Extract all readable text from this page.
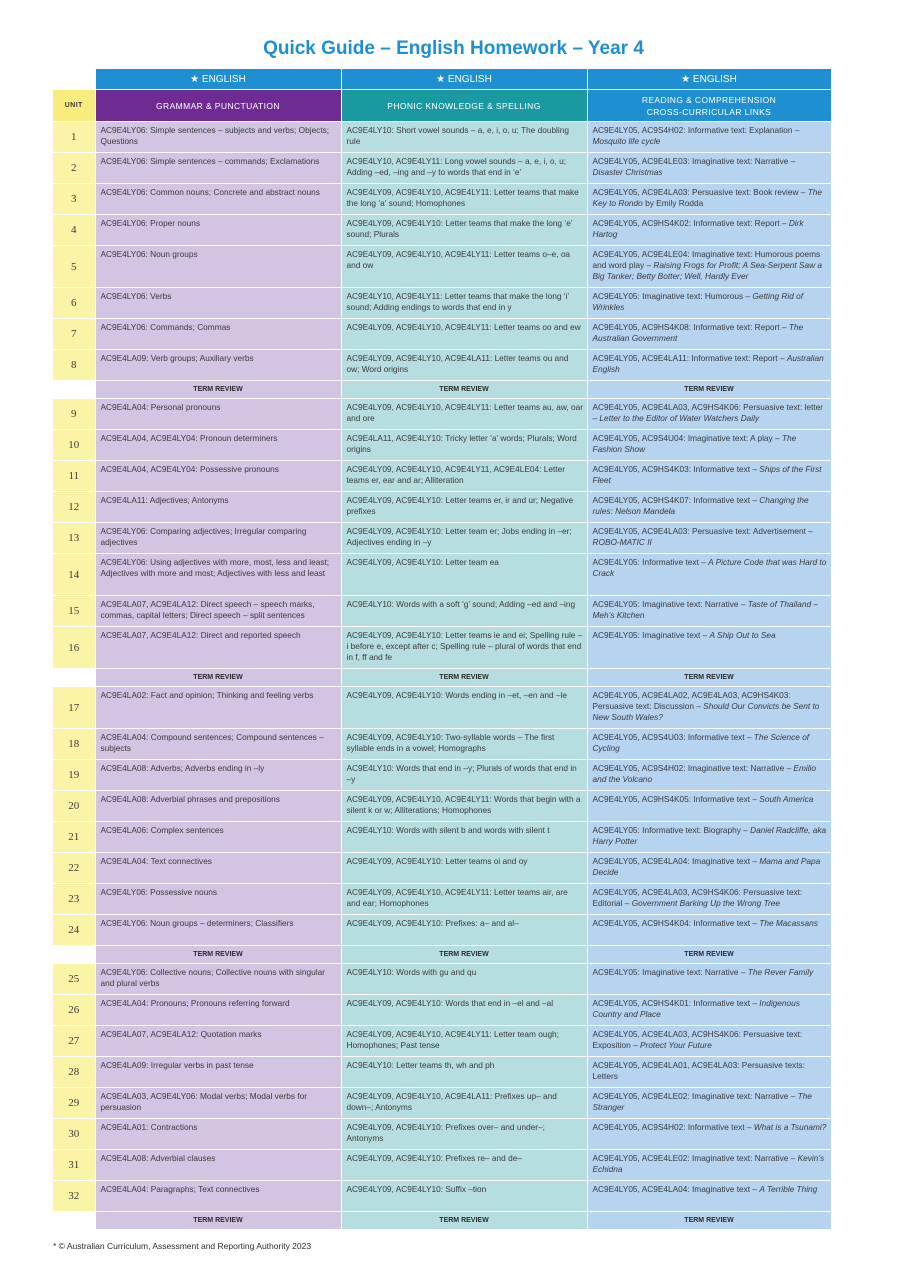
Quick Guide – English Homework – Year 4
	★ ENGLISH	★ ENGLISH	★ ENGLISH
UNIT	GRAMMAR & PUNCTUATION	PHONIC KNOWLEDGE & SPELLING	READING & COMPREHENSION
CROSS-CURRICULAR LINKS
1	AC9E4LY06: Simple sentences – subjects and verbs; Objects; Questions	AC9E4LY10: Short vowel sounds – a, e, i, o, u; The doubling rule	AC9E4LY05, AC9S4H02: Informative text: Explanation – Mosquito life cycle

2	AC9E4LY06: Simple sentences – commands; Exclamations	AC9E4LY10, AC9E4LY11: Long vowel sounds – a, e, i, o, u; Adding –ed, –ing and –y to words that end in ‘e’	AC9E4LY05, AC9E4LE03: Imaginative text: Narrative – Disaster Christmas

3	AC9E4LY06: Common nouns; Concrete and abstract nouns	AC9E4LY09, AC9E4LY10, AC9E4LY11: Letter teams that make the long ‘a’ sound; Homophones	AC9E4LY05, AC9E4LA03: Persuasive text: Book review – The Key to Rondo by Emily Rodda

4	AC9E4LY06: Proper nouns	AC9E4LY09, AC9E4LY10: Letter teams that make the long ‘e’ sound; Plurals	AC9E4LY05, AC9HS4K02: Informative text: Report – Dirk Hartog

5	AC9E4LY06: Noun groups	AC9E4LY09, AC9E4LY10, AC9E4LY11: Letter teams o–e, oa and ow	AC9E4LY05, AC9E4LE04: Imaginative text: Humorous poems and word play – Raising Frogs for Profit; A Sea-Serpent Saw a Big Tanker; Betty Botter; Well, Hardly Ever

6	AC9E4LY06: Verbs	AC9E4LY10, AC9E4LY11: Letter teams that make the long ‘i’ sound; Adding endings to words that end in y	AC9E4LY05: Imaginative text: Humorous – Getting Rid of Wrinkles

7	AC9E4LY06: Commands; Commas	AC9E4LY09, AC9E4LY10, AC9E4LY11: Letter teams oo and ew	AC9E4LY05, AC9HS4K08: Informative text: Report – The Australian Government

8	AC9E4LA09: Verb groups; Auxiliary verbs	AC9E4LY09, AC9E4LY10, AC9E4LA11: Letter teams ou and ow; Word origins	AC9E4LY05, AC9E4LA11: Informative text: Report – Australian English

	TERM REVIEW	TERM REVIEW	TERM REVIEW
9	AC9E4LA04: Personal pronouns	AC9E4LY09, AC9E4LY10, AC9E4LY11: Letter teams au, aw, oar and ore	AC9E4LY05, AC9E4LA03, AC9HS4K06: Persuasive text: letter – Letter to the Editor of Water Watchers Daily

10	AC9E4LA04, AC9E4LY04: Pronoun determiners	AC9E4LA11, AC9E4LY10: Tricky letter ‘a’ words; Plurals; Word origins	AC9E4LY05, AC9S4U04: Imaginative text: A play – The Fashion Show

11	AC9E4LA04, AC9E4LY04: Possessive pronouns	AC9E4LY09, AC9E4LY10, AC9E4LY11, AC9E4LE04: Letter teams er, ear and ar; Alliteration	AC9E4LY05, AC9HS4K03: Informative text – Ships of the First Fleet

12	AC9E4LA11: Adjectives; Antonyms	AC9E4LY09, AC9E4LY10: Letter teams er, ir and ur; Negative prefixes	AC9E4LY05, AC9HS4K07: Informative text – Changing the rules: Nelson Mandela

13	AC9E4LY06: Comparing adjectives; Irregular comparing adjectives	AC9E4LY09, AC9E4LY10: Letter team er; Jobs ending in –er; Adjectives ending in –y	AC9E4LY05, AC9E4LA03: Persuasive text: Advertisement – ROBO-MATIC II

14	AC9E4LY06: Using adjectives with more, most, less and least; Adjectives with more and most; Adjectives with less and least	AC9E4LY09, AC9E4LY10: Letter team ea	AC9E4LY05: Informative text – A Picture Code that was Hard to Crack

15	AC9E4LA07, AC9E4LA12: Direct speech – speech marks, commas, capital letters; Direct speech – split sentences	AC9E4LY10: Words with a soft ‘g’ sound; Adding –ed and –ing	AC9E4LY05: Imaginative text: Narrative – Taste of Thailand – Meh’s Kitchen

16	AC9E4LA07, AC9E4LA12: Direct and reported speech	AC9E4LY09, AC9E4LY10: Letter teams ie and ei; Spelling rule – i before e, except after c; Spelling rule – plural of words that end in f, ff and fe	AC9E4LY05: Imaginative text – A Ship Out to Sea

	TERM REVIEW	TERM REVIEW	TERM REVIEW
17	AC9E4LA02: Fact and opinion; Thinking and feeling verbs	AC9E4LY09, AC9E4LY10: Words ending in –et, –en and –le	AC9E4LY05, AC9E4LA02, AC9E4LA03, AC9HS4K03: Persuasive text: Discussion – Should Our Convicts be Sent to New South Wales?

18	AC9E4LA04: Compound sentences; Compound sentences – subjects	AC9E4LY09, AC9E4LY10: Two-syllable words – The first syllable ends in a vowel; Homographs	AC9E4LY05, AC9S4U03: Informative text – The Science of Cycling

19	AC9E4LA08: Adverbs; Adverbs ending in –ly	AC9E4LY10: Words that end in –y; Plurals of words that end in –y	AC9E4LY05, AC9S4H02: Imaginative text: Narrative – Emilio and the Volcano

20	AC9E4LA08: Adverbial phrases and prepositions	AC9E4LY09, AC9E4LY10, AC9E4LY11: Words that begin with a silent k or w; Alliterations; Homophones	AC9E4LY05, AC9HS4K05: Informative text – South America

21	AC9E4LA06: Complex sentences	AC9E4LY10: Words with silent b and words with silent t	AC9E4LY05: Informative text: Biography – Daniel Radcliffe, aka Harry Potter

22	AC9E4LA04: Text connectives	AC9E4LY09, AC9E4LY10: Letter teams oi and oy	AC9E4LY05, AC9E4LA04: Imaginative text – Mama and Papa Decide

23	AC9E4LY06: Possessive nouns	AC9E4LY09, AC9E4LY10, AC9E4LY11: Letter teams air, are and ear; Homophones	AC9E4LY05, AC9E4LA03, AC9HS4K06: Persuasive text: Editorial – Government Barking Up the Wrong Tree

24	AC9E4LY06: Noun groups – determiners; Classifiers	AC9E4LY09, AC9E4LY10: Prefixes: a– and al–	AC9E4LY05, AC9HS4K04: Informative text – The Macassans

	TERM REVIEW	TERM REVIEW	TERM REVIEW
25	AC9E4LY06: Collective nouns; Collective nouns with singular and plural verbs	AC9E4LY10: Words with gu and qu	AC9E4LY05: Imaginative text: Narrative – The Rever Family

26	AC9E4LA04: Pronouns; Pronouns referring forward	AC9E4LY09, AC9E4LY10: Words that end in –el and –al	AC9E4LY05, AC9HS4K01: Informative text – Indigenous Country and Place

27	AC9E4LA07, AC9E4LA12: Quotation marks	AC9E4LY09, AC9E4LY10, AC9E4LY11: Letter team ough; Homophones; Past tense	AC9E4LY05, AC9E4LA03, AC9HS4K06: Persuasive text: Exposition – Protect Your Future

28	AC9E4LA09: Irregular verbs in past tense	AC9E4LY10: Letter teams th, wh and ph	AC9E4LY05, AC9E4LA01, AC9E4LA03: Persuasive texts: Letters

29	AC9E4LA03, AC9E4LY06: Modal verbs; Modal verbs for persuasion	AC9E4LY09, AC9E4LY10, AC9E4LA11: Prefixes up– and down–; Antonyms	AC9E4LY05, AC9E4LE02: Imaginative text: Narrative – The Stranger

30	AC9E4LA01: Contractions	AC9E4LY09, AC9E4LY10: Prefixes over– and under–; Antonyms	AC9E4LY05, AC9S4H02: Informative text – What is a Tsunami?

31	AC9E4LA08: Adverbial clauses	AC9E4LY09, AC9E4LY10: Prefixes re– and de–	AC9E4LY05, AC9E4LE02: Imaginative text: Narrative – Kevin’s Echidna

32	AC9E4LA04: Paragraphs; Text connectives	AC9E4LY09, AC9E4LY10: Suffix –tion	AC9E4LY05, AC9E4LA04: Imaginative text – A Terrible Thing

	TERM REVIEW	TERM REVIEW	TERM REVIEW
* © Australian Curriculum, Assessment and Reporting Authority 2023
